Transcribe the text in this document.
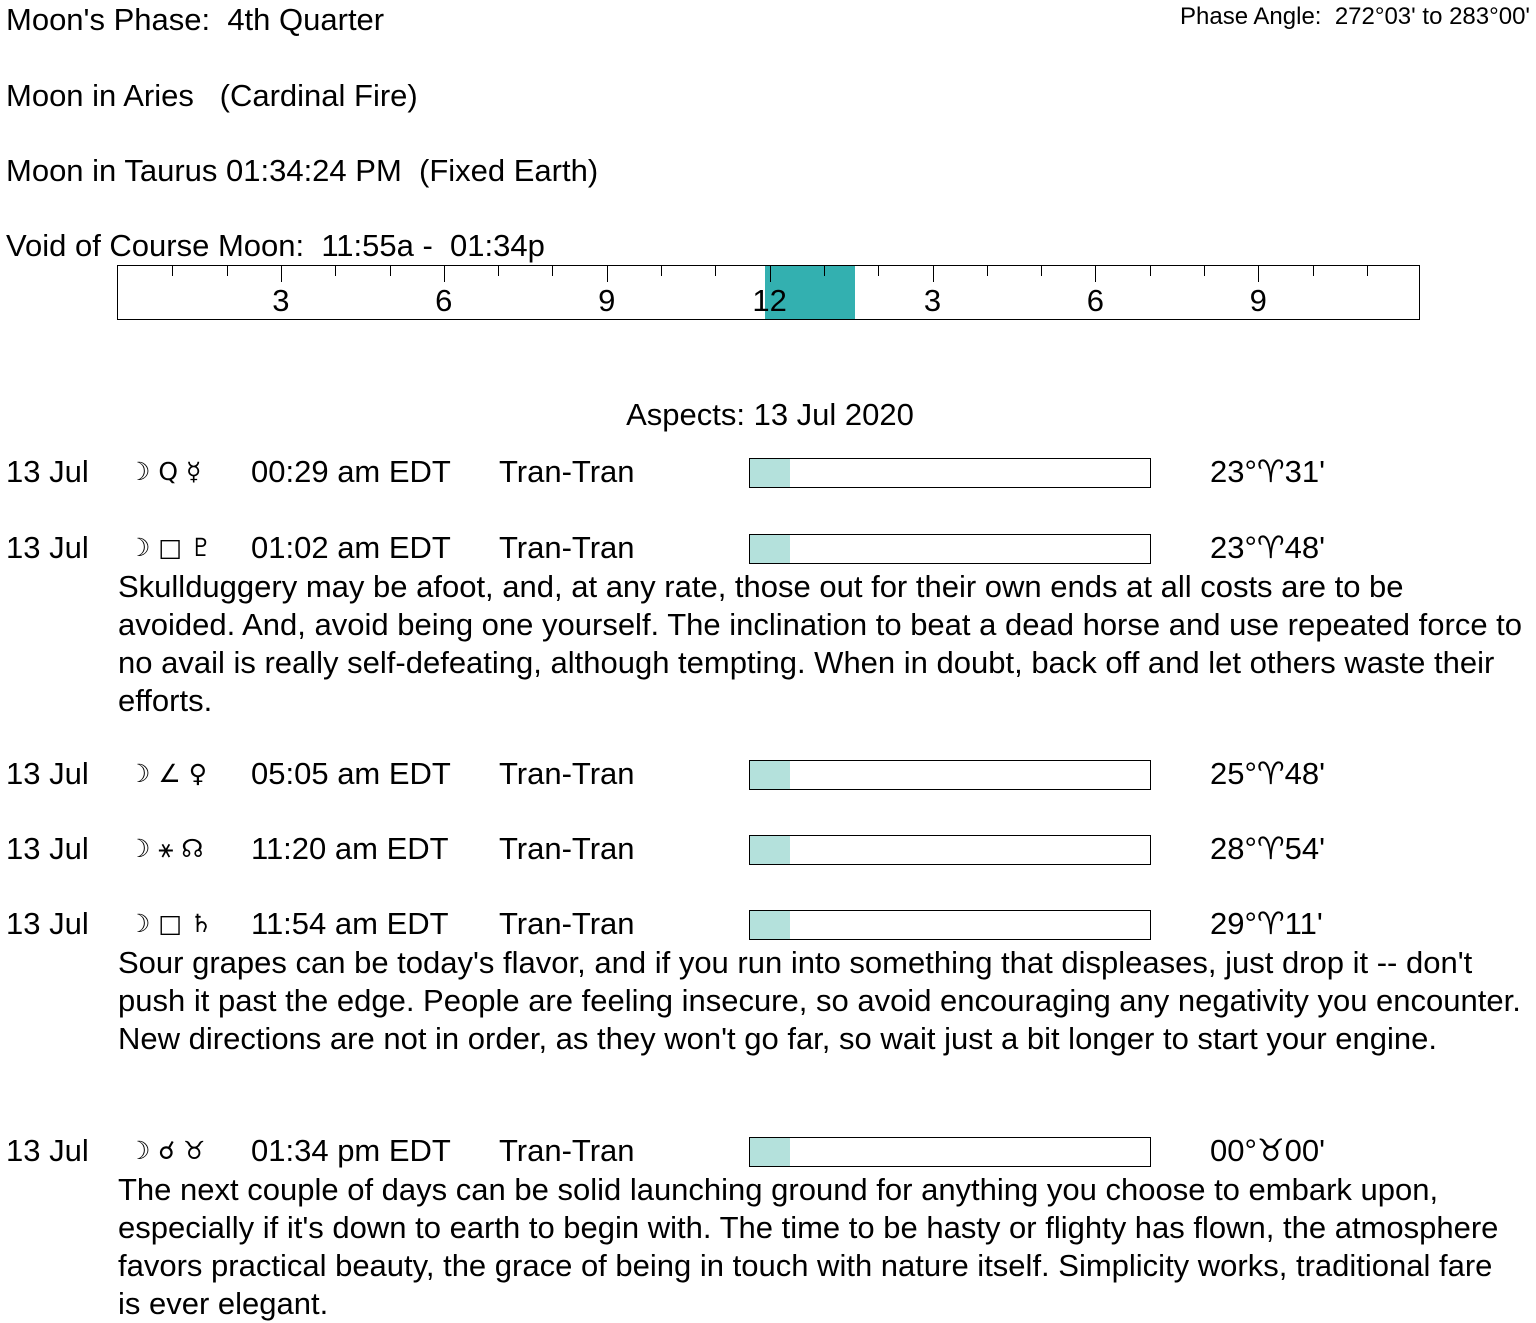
Moon's Phase:  4th Quarter	Phase Angle:  272°03' to 283°00'
Moon in Aries   (Cardinal Fire)
Moon in Taurus 01:34:24 PM  (Fixed Earth)
Void of Course Moon:  11:55a -  01:34p
3	6	9	12	3	6	9
Aspects: 13 Jul 2020
13 Jul ☽ Q ☿ 00:29 am EDT Tran-Tran	23°♈31'
13 Jul ☽ □ ♇ 01:02 am EDT Tran-Tran	23°♈48'
Skullduggery may be afoot, and, at any rate, those out for their own ends at all costs are to be avoided. And, avoid being one yourself. The inclination to beat a dead horse and use repeated force to no avail is really self-defeating, although tempting. When in doubt, back off and let others waste their efforts.
13 Jul ☽ ∠ ♀ 05:05 am EDT Tran-Tran	25°♈48'
13 Jul ☽ ⚹ ☊ 11:20 am EDT Tran-Tran	28°♈54'
13 Jul ☽ □ ♄ 11:54 am EDT Tran-Tran	29°♈11'
Sour grapes can be today's flavor, and if you run into something that displeases, just drop it -- don't push it past the edge. People are feeling insecure, so avoid encouraging any negativity you encounter. New directions are not in order, as they won't go far, so wait just a bit longer to start your engine.
13 Jul ☽ ☌ ♉ 01:34 pm EDT Tran-Tran	00°♉00'
The next couple of days can be solid launching ground for anything you choose to embark upon, especially if it's down to earth to begin with. The time to be hasty or flighty has flown, the atmosphere favors practical beauty, the grace of being in touch with nature itself. Simplicity works, traditional fare is ever elegant.
